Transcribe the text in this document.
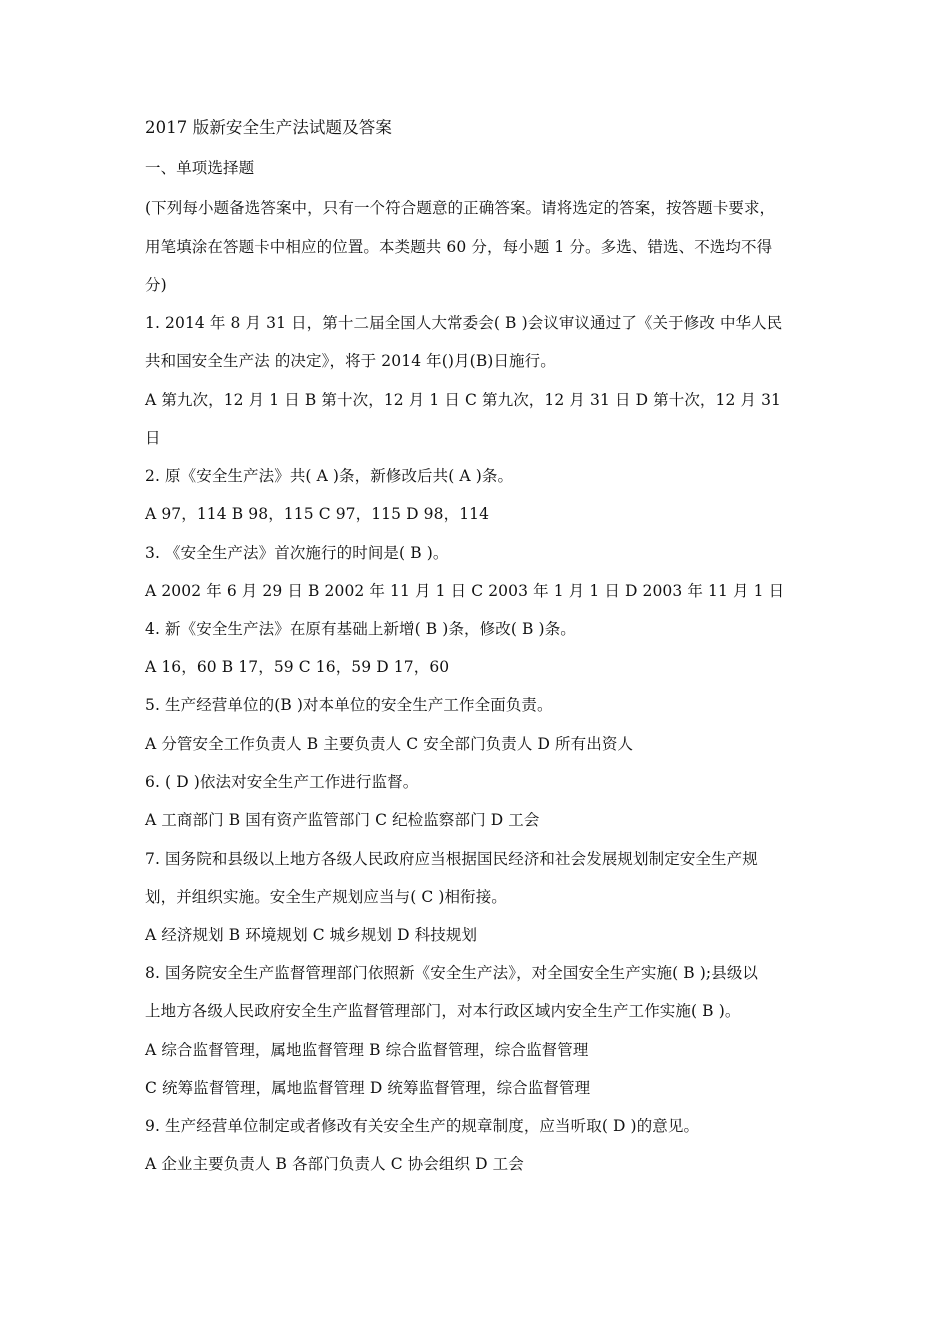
2017 版新安全生产法试题及答案
一、单项选择题
(下列每小题备选答案中，只有一个符合题意的正确答案。请将选定的答案，按答题卡要求，
用笔填涂在答题卡中相应的位置。本类题共 60 分，每小题 1 分。多选、错选、不选均不得
分)
1. 2014 年 8 月 31 日，第十二届全国人大常委会( B )会议审议通过了《关于修改 中华人民
共和国安全生产法 的决定》，将于 2014 年()月(B)日施行。
A 第九次，12 月 1 日 B 第十次，12 月 1 日 C 第九次，12 月 31 日 D 第十次，12 月 31
日
2. 原《安全生产法》共( A )条，新修改后共( A )条。
A 97，114 B 98，115 C 97，115 D 98，114
3. 《安全生产法》首次施行的时间是( B )。
A 2002 年 6 月 29 日 B 2002 年 11 月 1 日 C 2003 年 1 月 1 日 D 2003 年 11 月 1 日
4. 新《安全生产法》在原有基础上新增( B )条，修改( B )条。
A 16，60 B 17，59 C 16，59 D 17，60
5. 生产经营单位的(B )对本单位的安全生产工作全面负责。
A 分管安全工作负责人 B 主要负责人 C 安全部门负责人 D 所有出资人
6. ( D )依法对安全生产工作进行监督。
A 工商部门 B 国有资产监管部门 C 纪检监察部门 D 工会
7. 国务院和县级以上地方各级人民政府应当根据国民经济和社会发展规划制定安全生产规
划，并组织实施。安全生产规划应当与( C )相衔接。
A 经济规划 B 环境规划 C 城乡规划 D 科技规划
8. 国务院安全生产监督管理部门依照新《安全生产法》，对全国安全生产实施( B );县级以
上地方各级人民政府安全生产监督管理部门，对本行政区域内安全生产工作实施( B )。
A 综合监督管理，属地监督管理 B 综合监督管理，综合监督管理
C 统筹监督管理，属地监督管理 D 统筹监督管理，综合监督管理
9. 生产经营单位制定或者修改有关安全生产的规章制度，应当听取( D )的意见。
A 企业主要负责人 B 各部门负责人 C 协会组织 D 工会
